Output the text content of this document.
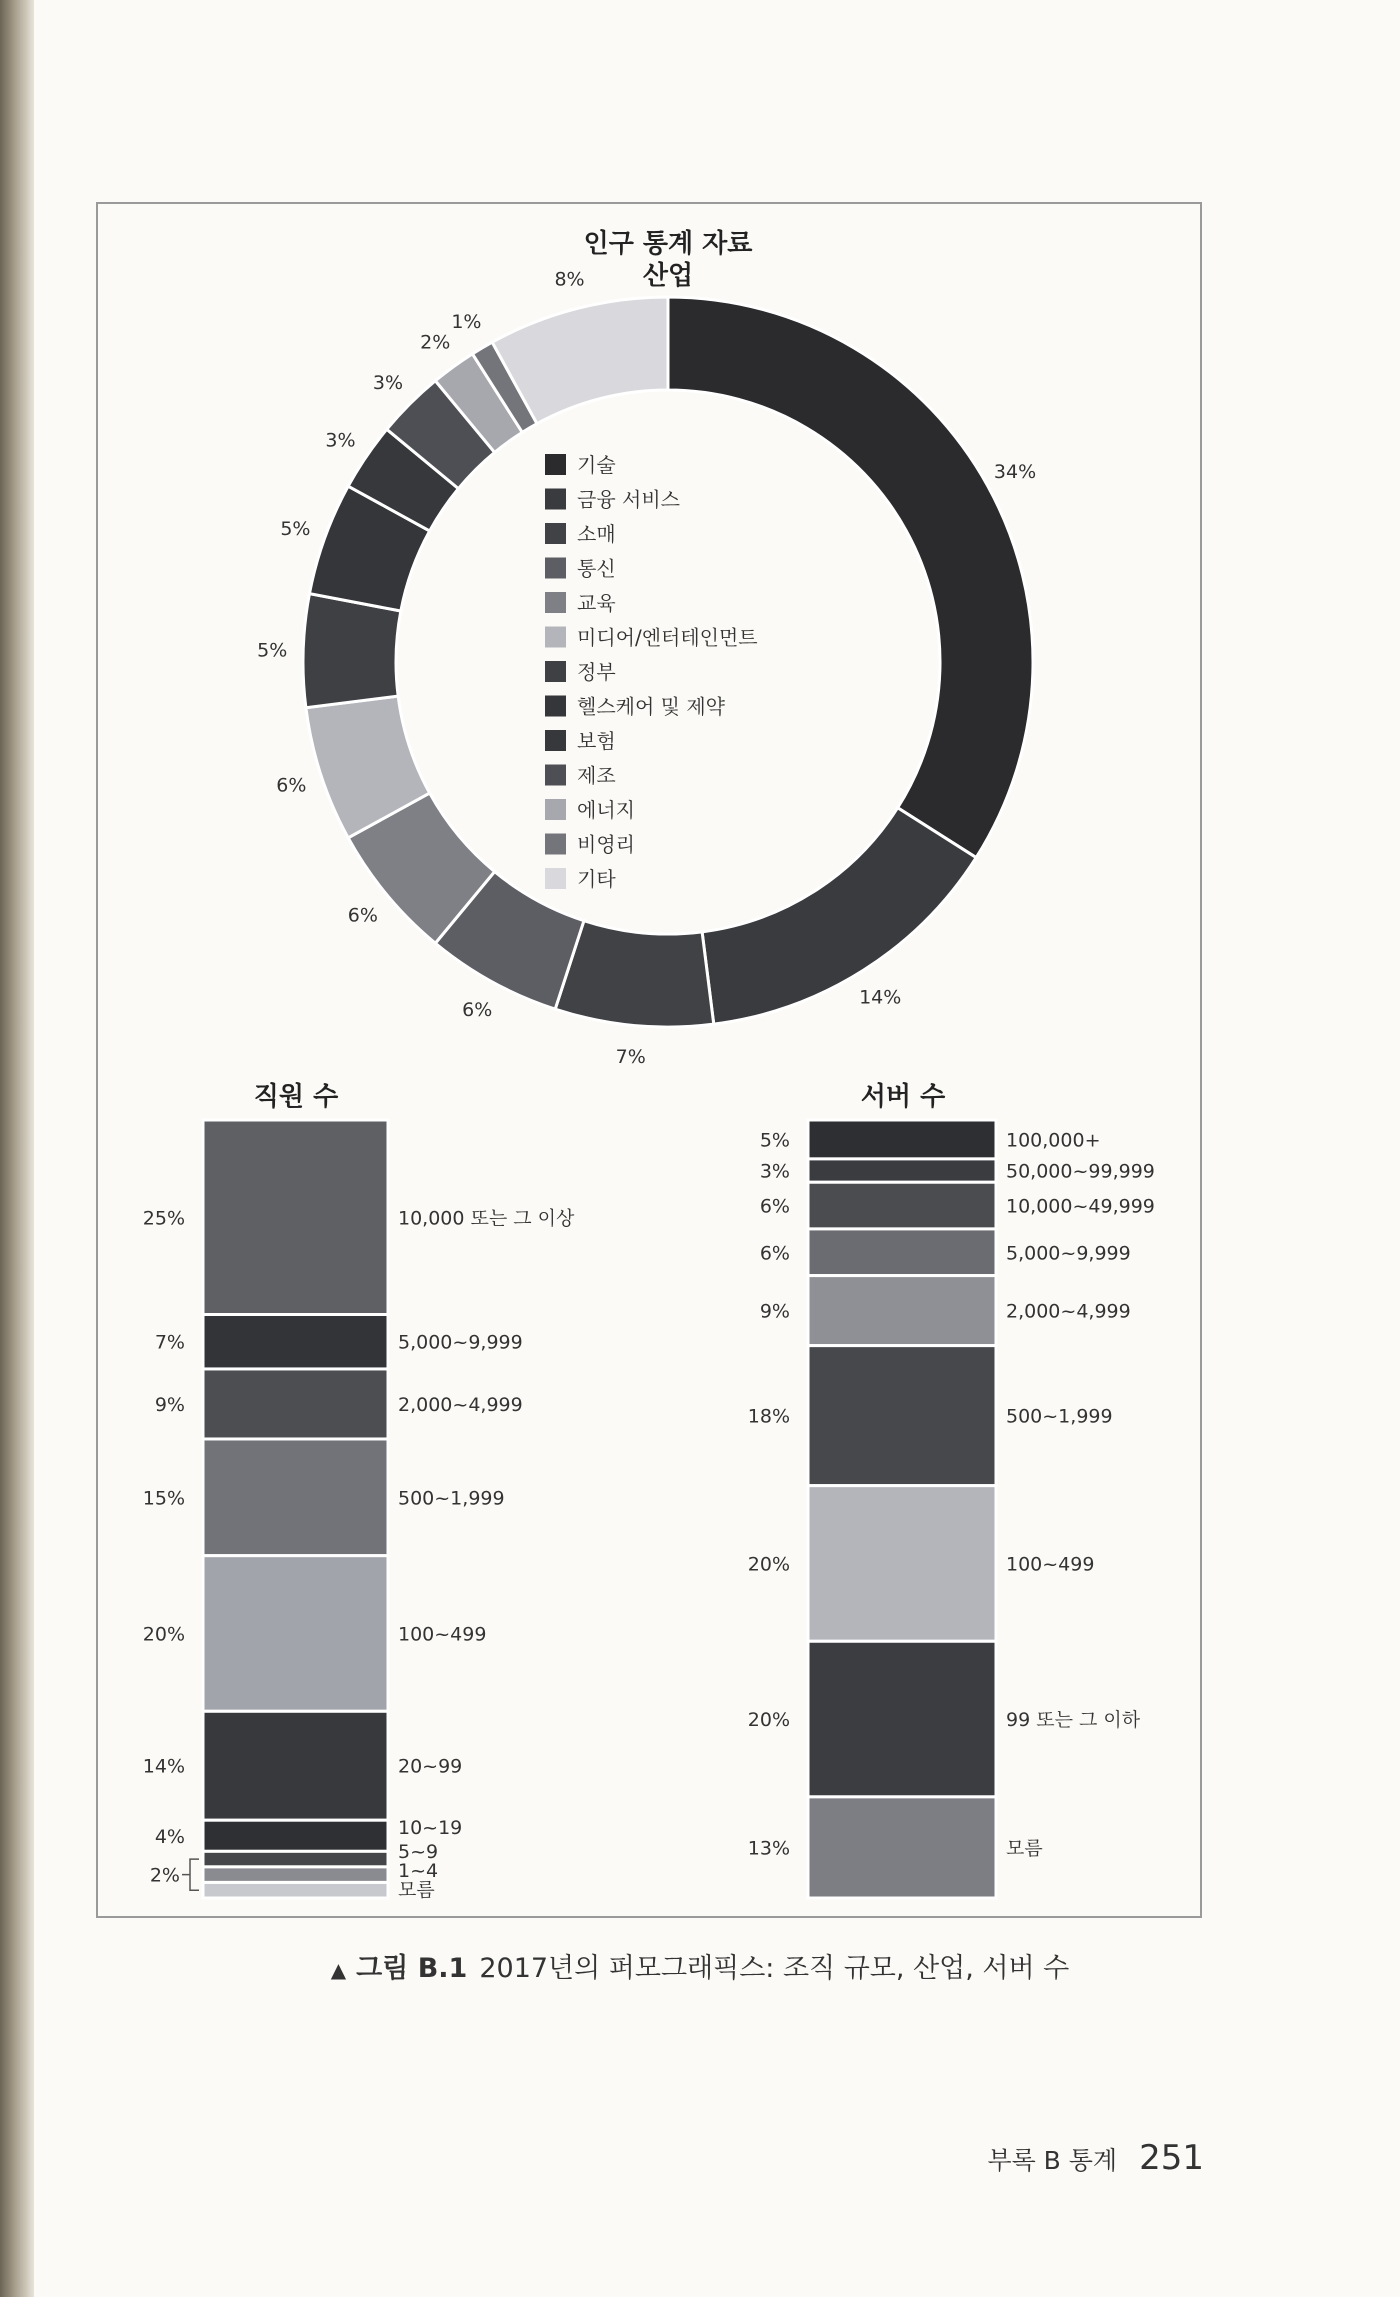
인구 통계 자료
산업
34%
14%
7%
6%
6%
6%
5%
5%
3%
3%
2%
1%
8%
기술
금융 서비스
소매
통신
교육
미디어/엔터테인먼트
정부
헬스케어 및 제약
보험
제조
에너지
비영리
기타
직원 수
10,000 또는 그 이상
25%
5,000~9,999
7%
2,000~4,999
9%
500~1,999
15%
100~499
20%
20~99
14%
10~19
4%
5~9
1~4
모름
2%
서버 수
100,000+
5%
50,000~99,999
3%
10,000~49,999
6%
5,000~9,999
6%
2,000~4,999
9%
500~1,999
18%
100~499
20%
99 또는 그 이하
20%
모름
13%
▲ 그림 B.1 2017년의 퍼모그래픽스: 조직 규모, 산업, 서버 수
부록 B 통계 251
